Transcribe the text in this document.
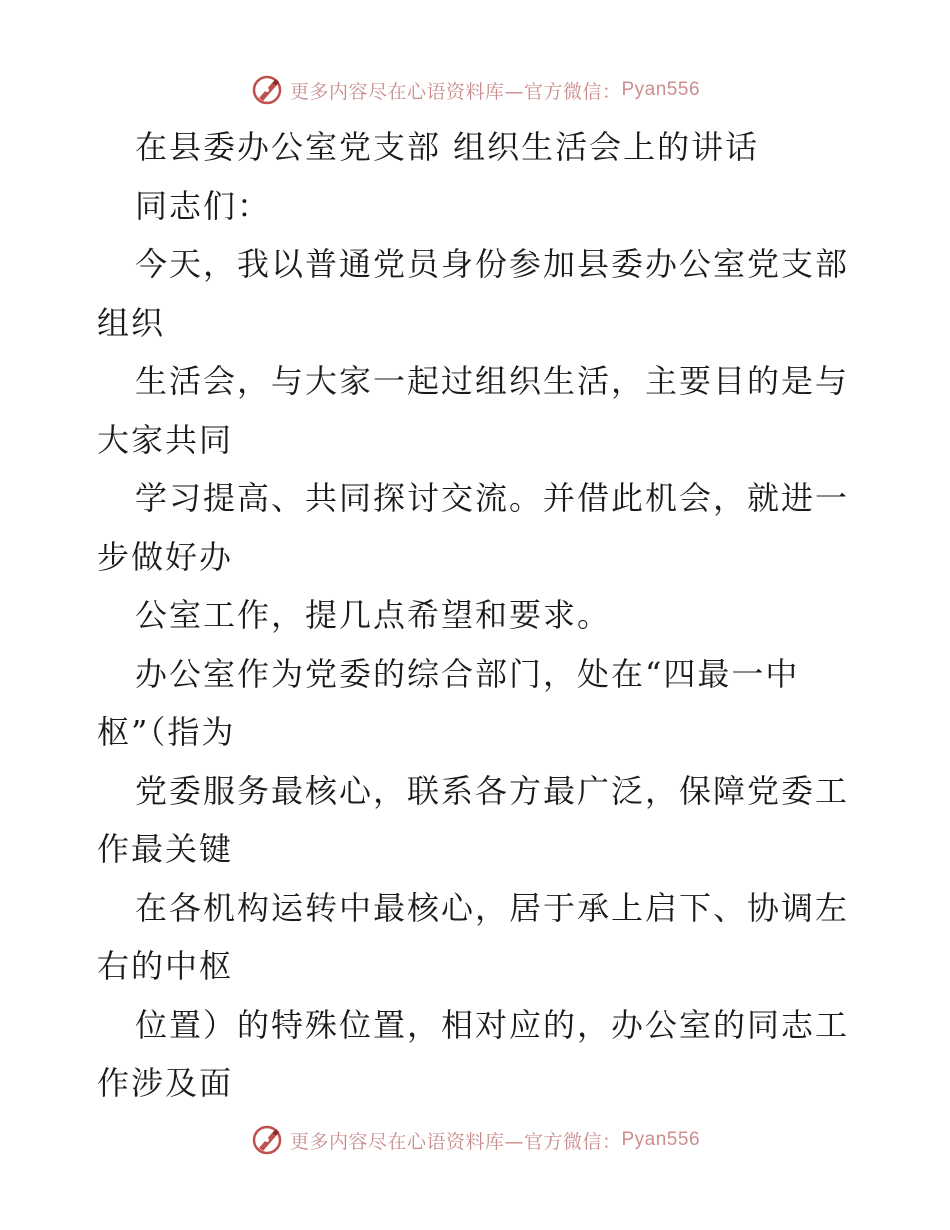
更多内容尽在心语资料库—官方微信： Pyan556
在县委办公室党支部 组织生活会上的讲话
同志们：
今天，我以普通党员身份参加县委办公室党支部
组织
生活会，与大家一起过组织生活，主要目的是与
大家共同
学习提高、共同探讨交流。并借此机会，就进一
步做好办
公室工作，提几点希望和要求。
办公室作为党委的综合部门，处在“四最一中
枢”（指为
党委服务最核心，联系各方最广泛，保障党委工
作最关键
在各机构运转中最核心，居于承上启下、协调左
右的中枢
位置）的特殊位置，相对应的，办公室的同志工
作涉及面
更多内容尽在心语资料库—官方微信： Pyan556
